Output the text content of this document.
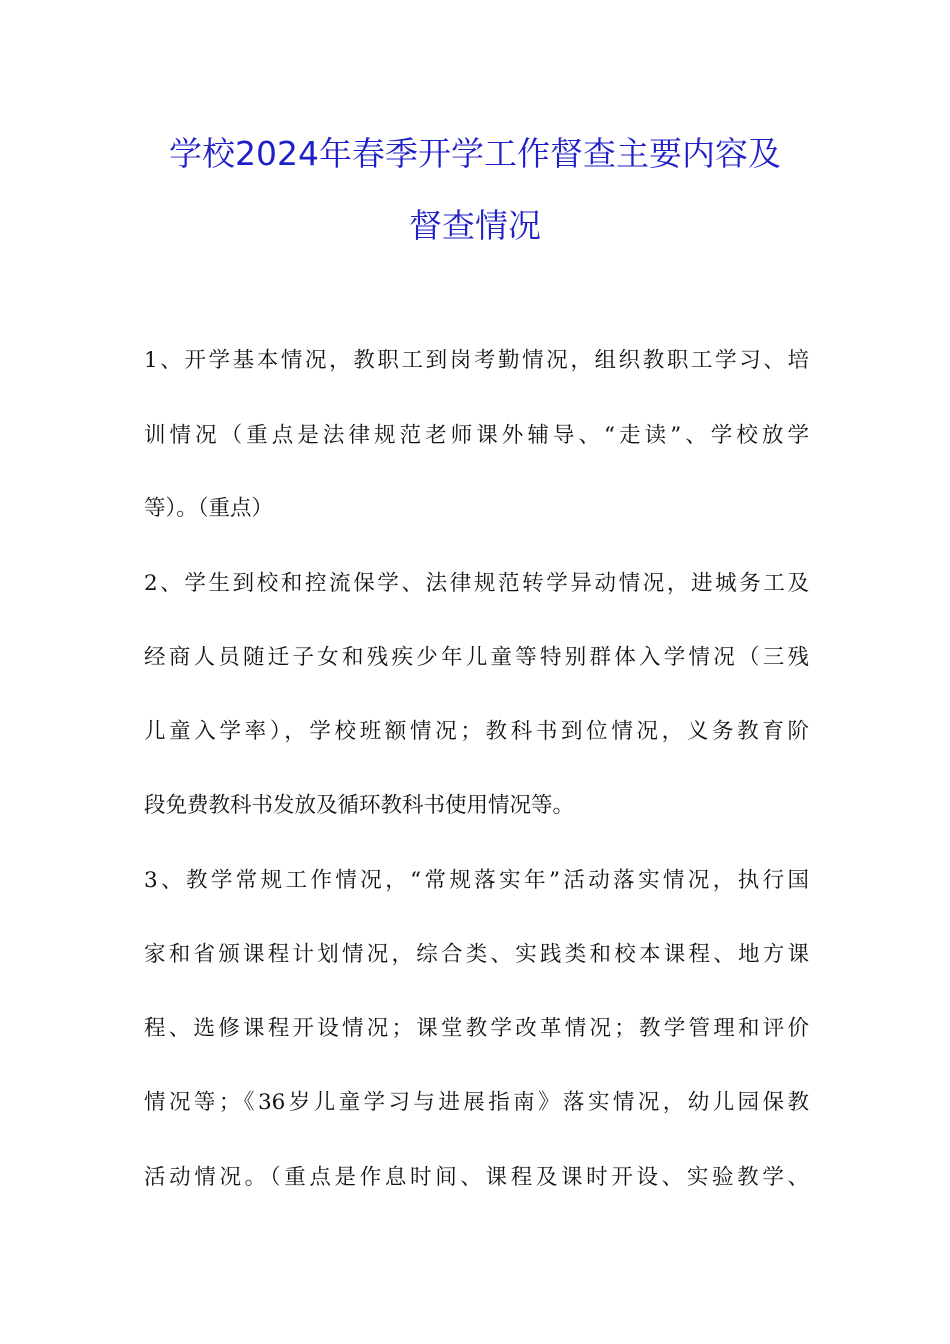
学校2024年春季开学工作督查主要内容及
督查情况
1、开学基本情况，教职工到岗考勤情况，组织教职工学习、培
训情况（重点是法律规范老师课外辅导、“走读”、学校放学
等）。（重点）
2、学生到校和控流保学、法律规范转学异动情况，进城务工及
经商人员随迁子女和残疾少年儿童等特别群体入学情况（三残
儿童入学率），学校班额情况；教科书到位情况，义务教育阶
段免费教科书发放及循环教科书使用情况等。
3、教学常规工作情况，“常规落实年”活动落实情况，执行国
家和省颁课程计划情况，综合类、实践类和校本课程、地方课
程、选修课程开设情况；课堂教学改革情况；教学管理和评价
情况等；《36岁儿童学习与进展指南》落实情况，幼儿园保教
活动情况。（重点是作息时间、课程及课时开设、实验教学、
